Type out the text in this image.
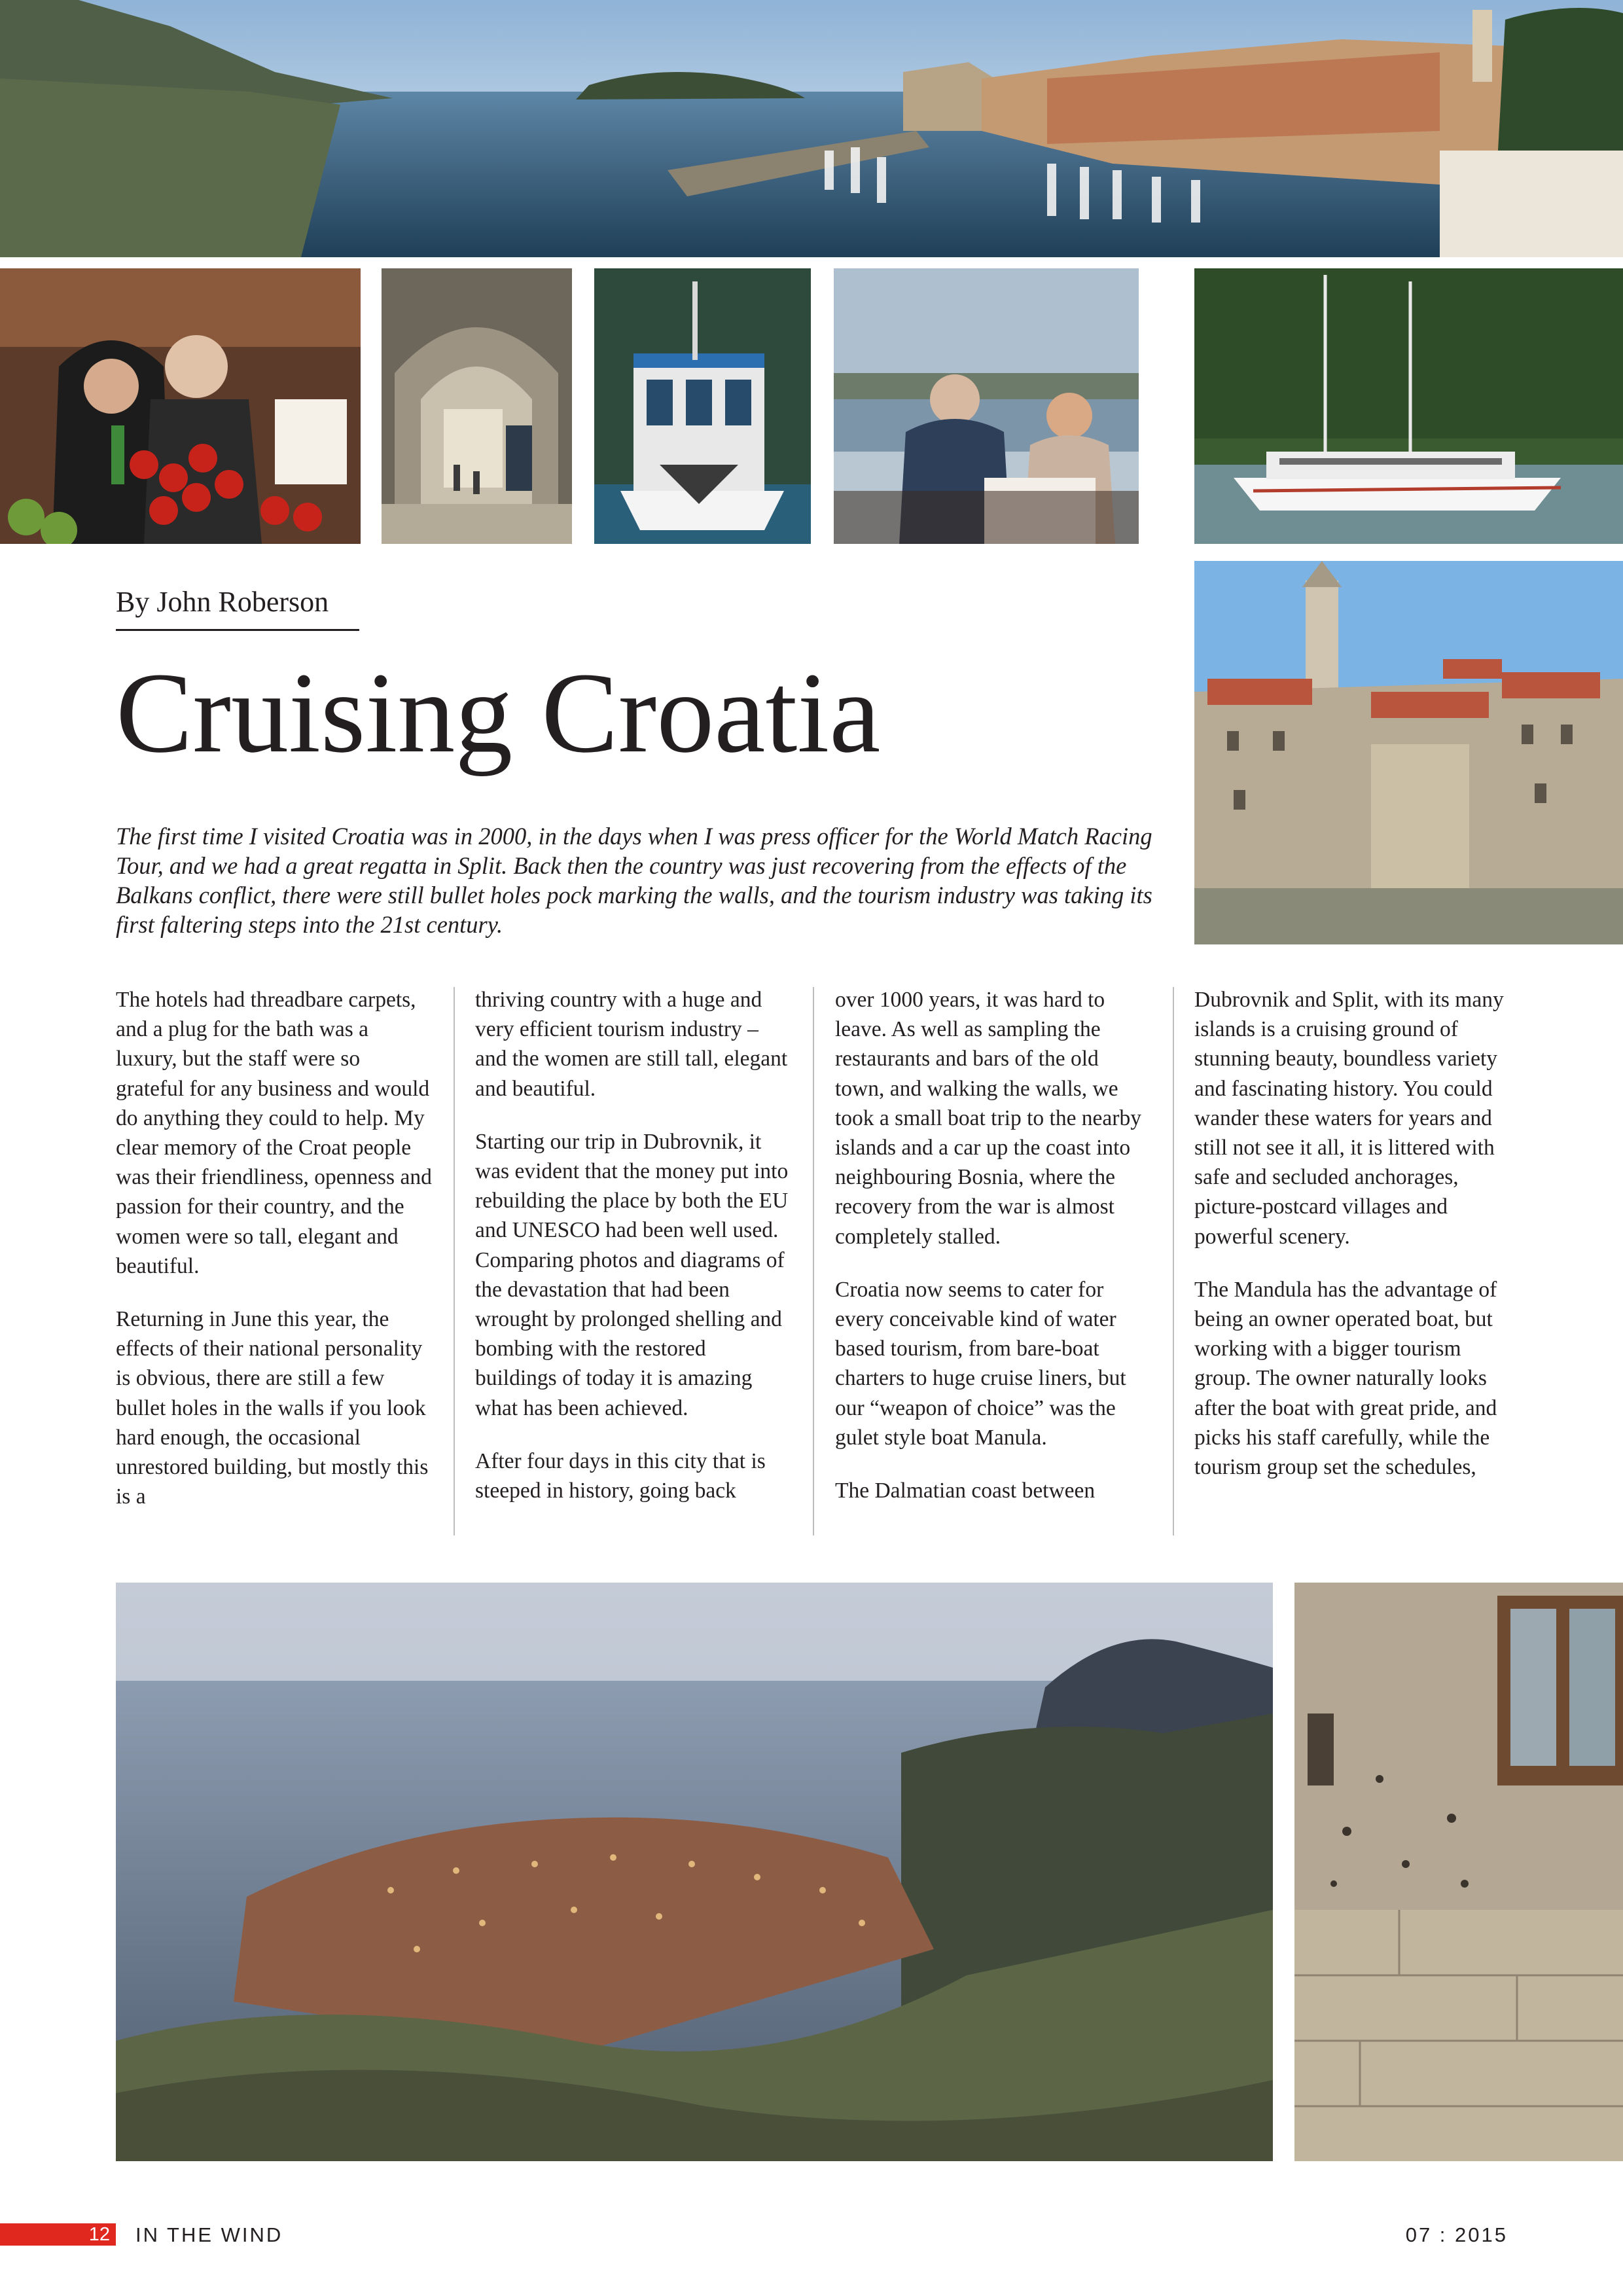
By John Roberson
Cruising Croatia
The first time I visited Croatia was in 2000, in the days when I was press officer for the World Match Racing Tour, and we had a great regatta in Split. Back then the country was just recovering from the effects of the Balkans conflict, there were still bullet holes pock marking the walls, and the tourism industry was taking its first faltering steps into the 21st century.

The hotels had threadbare carpets, and a plug for the bath was a luxury, but the staff were so grateful for any business and would do anything they could to help. My clear memory of the Croat people was their friendliness, openness and passion for their country, and the women were so tall, elegant and beautiful.

Returning in June this year, the effects of their national personality is obvious, there are still a few bullet holes in the walls if you look hard enough, the occasional unrestored building, but mostly this is a

thriving country with a huge and very efficient tourism industry – and the women are still tall, elegant and beautiful.

Starting our trip in Dubrovnik, it was evident that the money put into rebuilding the place by both the EU and UNESCO had been well used. Comparing photos and diagrams of the devastation that had been wrought by prolonged shelling and bombing with the restored buildings of today it is amazing what has been achieved.

After four days in this city that is steeped in history, going back

over 1000 years, it was hard to leave. As well as sampling the restaurants and bars of the old town, and walking the walls, we took a small boat trip to the nearby islands and a car up the coast into neighbouring Bosnia, where the recovery from the war is almost completely stalled.

Croatia now seems to cater for every conceivable kind of water based tourism, from bare-boat charters to huge cruise liners, but our “weapon of choice” was the gulet style boat Manula.

The Dalmatian coast between

Dubrovnik and Split, with its many islands is a cruising ground of stunning beauty, boundless variety and fascinating history. You could wander these waters for years and still not see it all, it is littered with safe and secluded anchorages, picture-postcard villages and powerful scenery.

The Mandula has the advantage of being an owner operated boat, but working with a bigger tourism group. The owner naturally looks after the boat with great pride, and picks his staff carefully, while the tourism group set the schedules,

12 IN THE WIND	07 : 2015
